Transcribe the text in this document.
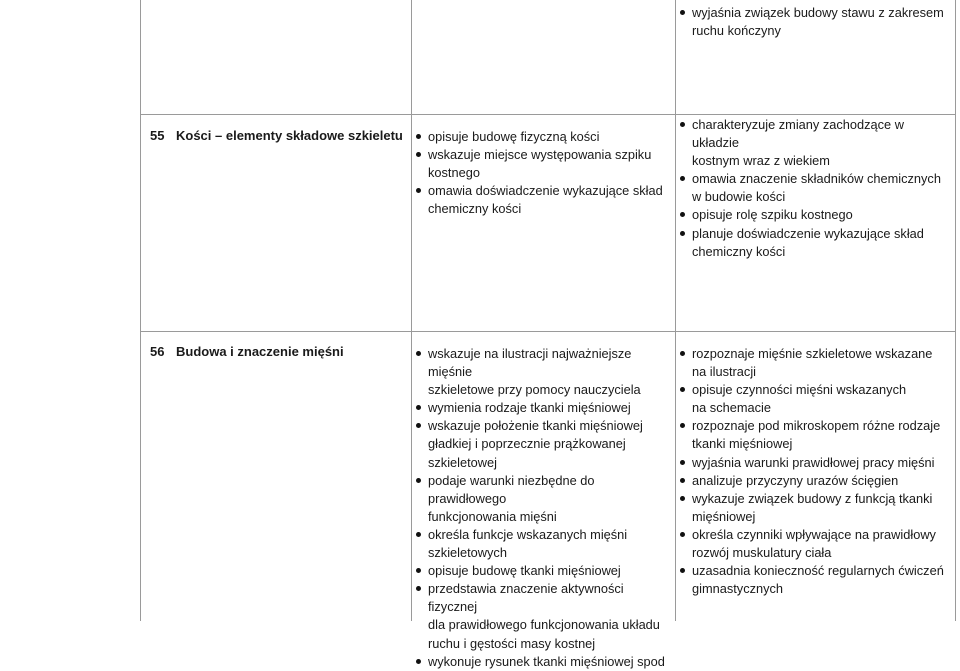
wyjaśnia związek budowy stawu z zakresem
ruchu kończyny
55 Kości – elementy składowe szkieletu opisuje budowę fizyczną kości
wskazuje miejsce występowania szpiku
kostnego
omawia doświadczenie wykazujące skład
chemiczny kości
charakteryzuje zmiany zachodzące w układzie
kostnym wraz z wiekiem
omawia znaczenie składników chemicznych
w budowie kości
opisuje rolę szpiku kostnego
planuje doświadczenie wykazujące skład
chemiczny kości
56 Budowa i znaczenie mięśni	wskazuje na ilustracji najważniejsze mięśnie
szkieletowe przy pomocy nauczyciela
wymienia rodzaje tkanki mięśniowej
wskazuje położenie tkanki mięśniowej
gładkiej i poprzecznie prążkowanej
szkieletowej
podaje warunki niezbędne do prawidłowego
funkcjonowania mięśni
określa funkcje wskazanych mięśni
szkieletowych
opisuje budowę tkanki mięśniowej
przedstawia znaczenie aktywności fizycznej
dla prawidłowego funkcjonowania układu
ruchu i gęstości masy kostnej
wykonuje rysunek tkanki mięśniowej spod
rozpoznaje mięśnie szkieletowe wskazane
na ilustracji
opisuje czynności mięśni wskazanych
na schemacie
rozpoznaje pod mikroskopem różne rodzaje
tkanki mięśniowej
wyjaśnia warunki prawidłowej pracy mięśni
analizuje przyczyny urazów ścięgien
wykazuje związek budowy z funkcją tkanki
mięśniowej
określa czynniki wpływające na prawidłowy
rozwój muskulatury ciała
uzasadnia konieczność regularnych ćwiczeń
gimnastycznych
